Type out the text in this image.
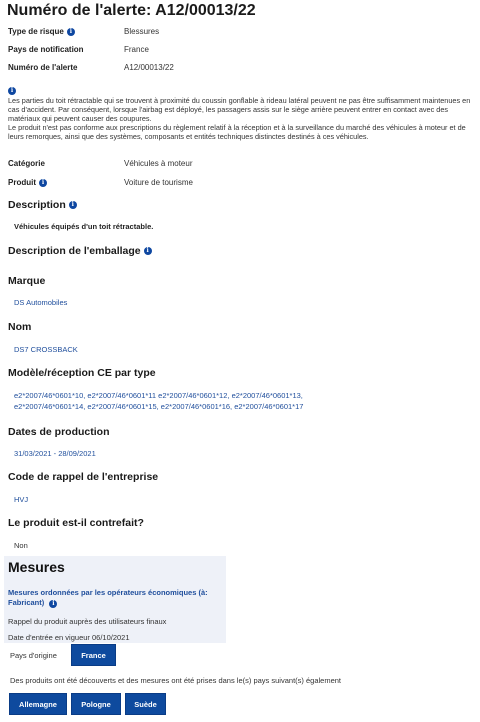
Numéro de l'alerte: A12/00013/22
Type de risque i	Blessures
Pays de notification	France
Numéro de l'alerte	A12/00013/22
i
Les parties du toit rétractable qui se trouvent à proximité du coussin gonflable à rideau latéral peuvent ne pas être suffisamment maintenues en cas d'accident. Par conséquent, lorsque l'airbag est déployé, les passagers assis sur le siège arrière peuvent entrer en contact avec des matériaux qui peuvent causer des coupures.
Le produit n'est pas conforme aux prescriptions du règlement relatif à la réception et à la surveillance du marché des véhicules à moteur et de leurs remorques, ainsi que des systèmes, composants et entités techniques distinctes destinés à ces véhicules.
Catégorie	Véhicules à moteur
Produit i	Voiture de tourisme
Description i
Véhicules équipés d'un toit rétractable.
Description de l'emballage i
Marque
DS Automobiles
Nom
DS7 CROSSBACK
Modèle/réception CE par type
e2*2007/46*0601*10, e2*2007/46*0601*11 e2*2007/46*0601*12, e2*2007/46*0601*13,
e2*2007/46*0601*14, e2*2007/46*0601*15, e2*2007/46*0601*16, e2*2007/46*0601*17
Dates de production
31/03/2021 - 28/09/2021
Code de rappel de l'entreprise
HVJ
Le produit est-il contrefait?
Non
Mesures
Mesures ordonnées par les opérateurs économiques (à: Fabricant) i
Rappel du produit auprès des utilisateurs finaux
Date d'entrée en vigueur 06/10/2021
Pays d'origine	France
Des produits ont été découverts et des mesures ont été prises dans le(s) pays suivant(s) également
Allemagne	Pologne	Suède
